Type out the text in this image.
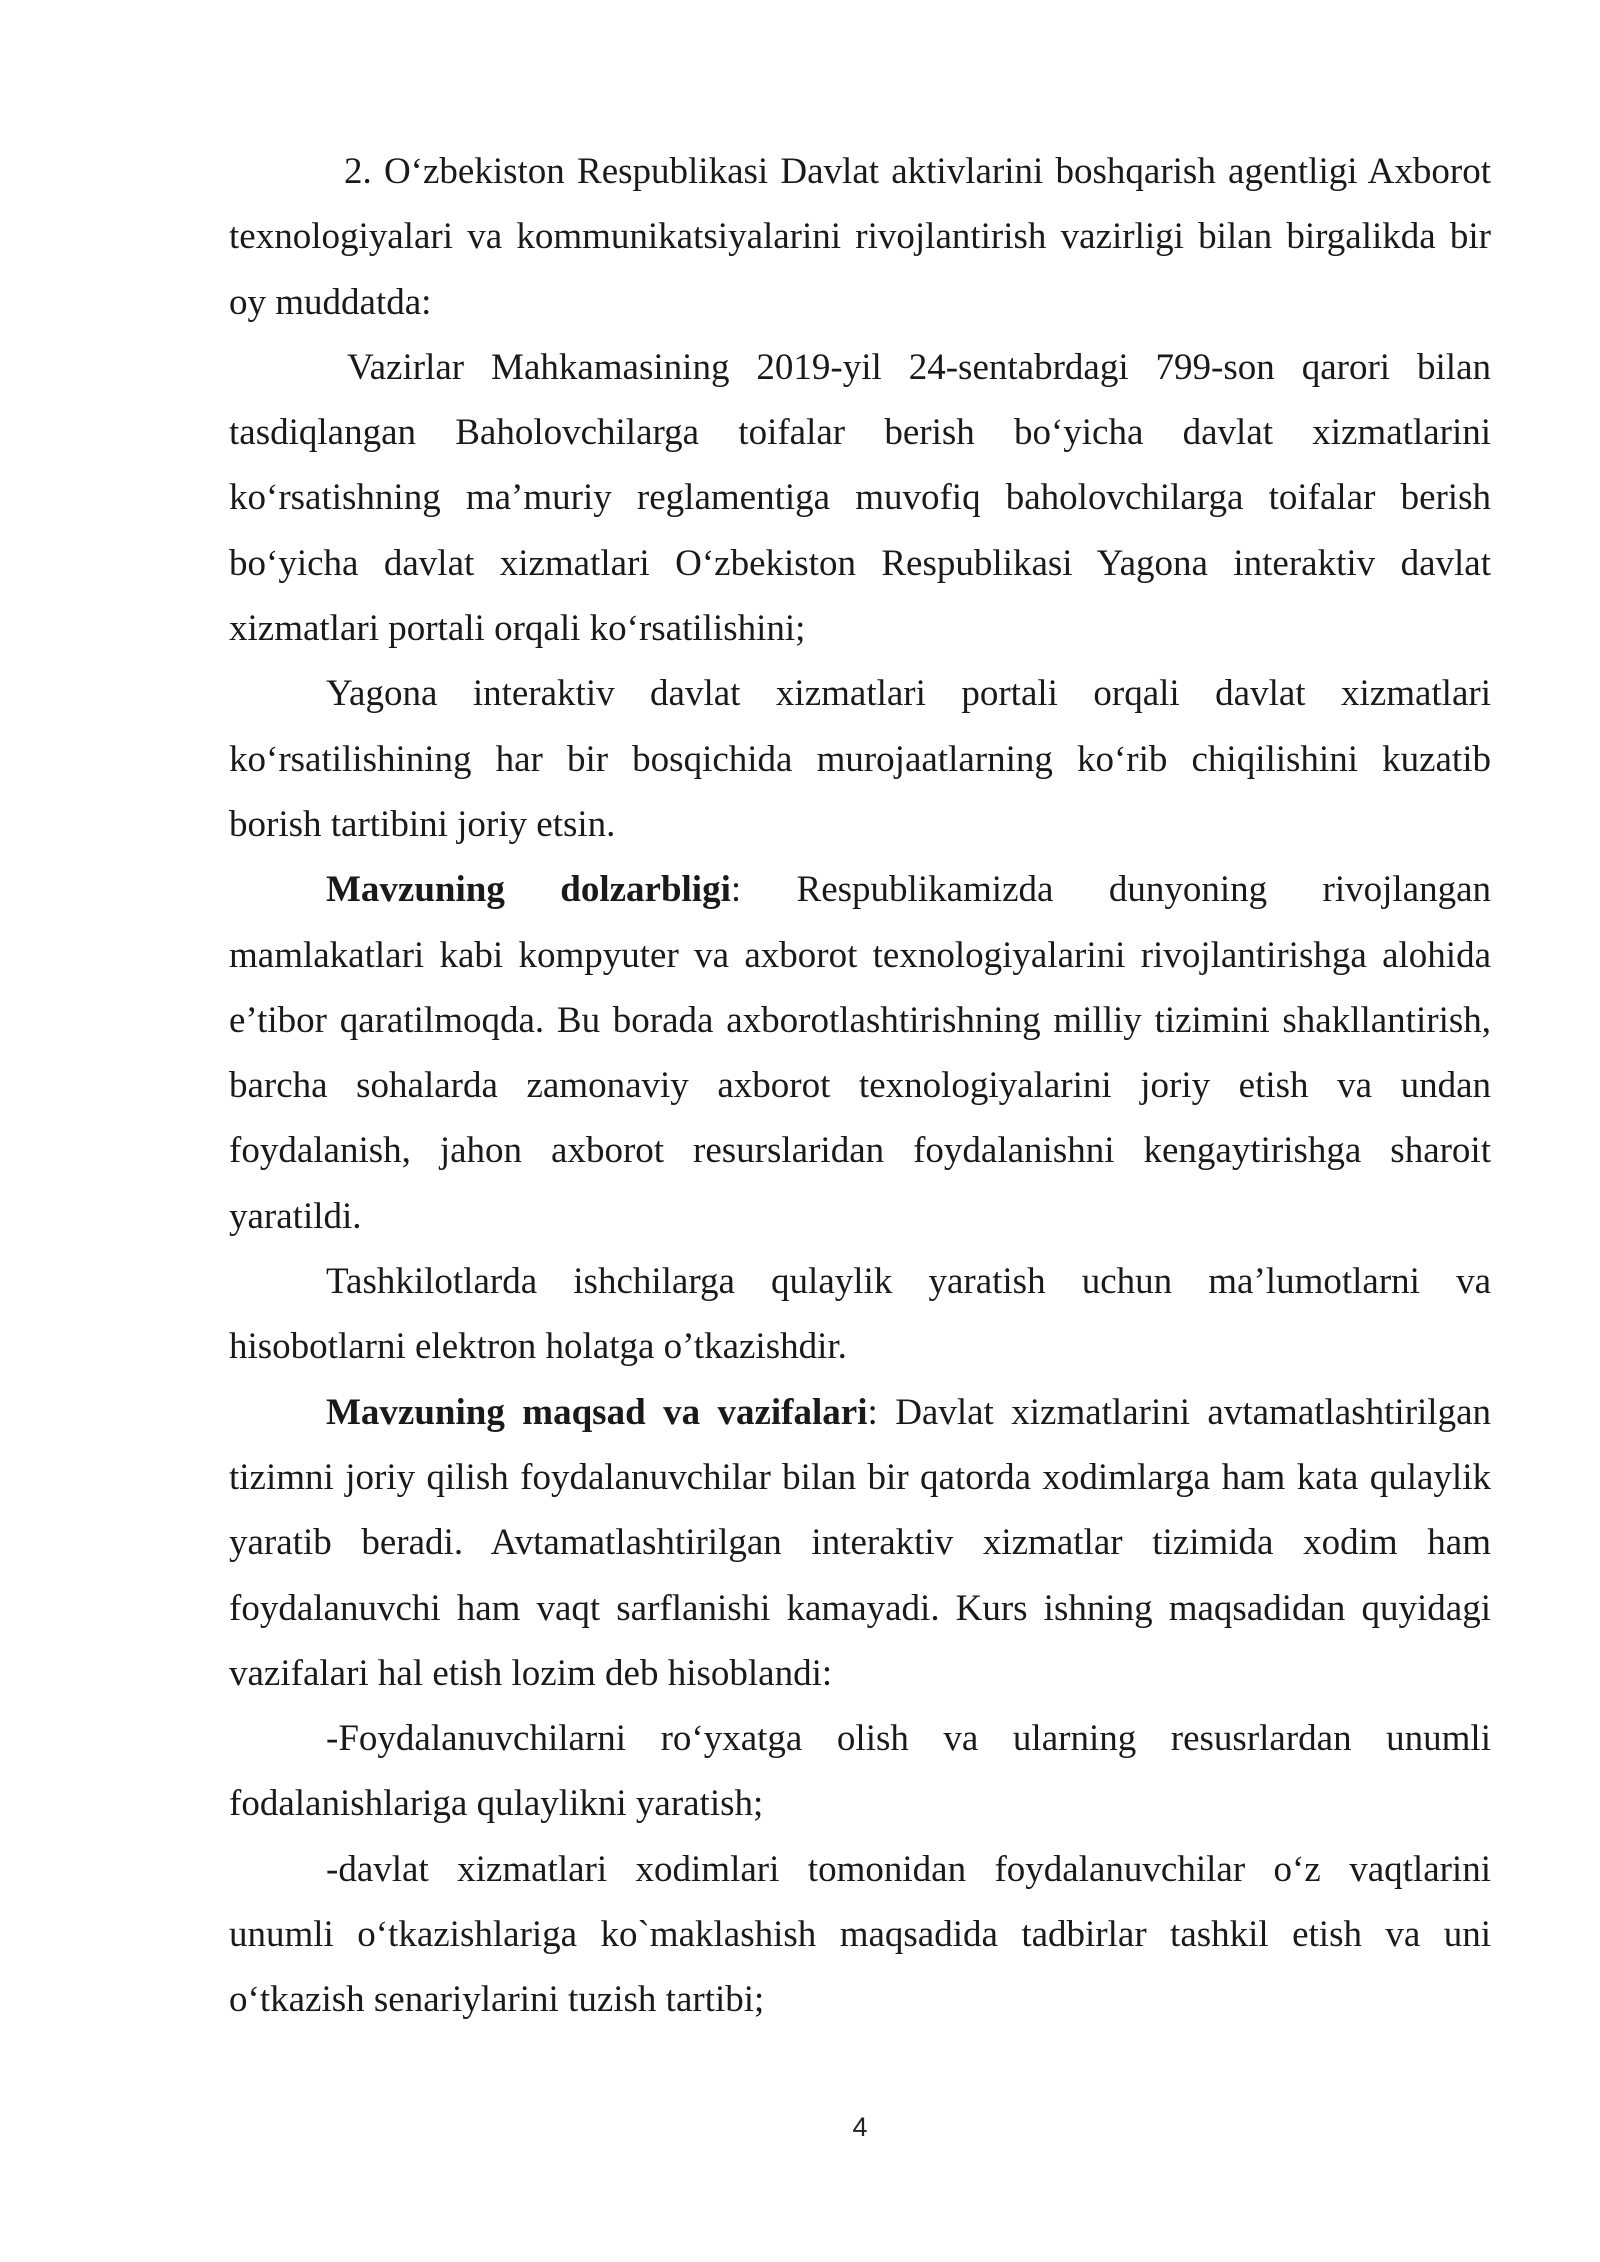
2. O‘zbekiston Respublikasi Davlat aktivlarini boshqarish agentligi Axborot
texnologiyalari va kommunikatsiyalarini rivojlantirish vazirligi bilan birgalikda bir
oy muddatda:
Vazirlar Mahkamasining 2019-yil 24-sentabrdagi 799-son qarori bilan
tasdiqlangan Baholovchilarga toifalar berish bo‘yicha davlat xizmatlarini
ko‘rsatishning ma’muriy reglamentiga muvofiq baholovchilarga toifalar berish
bo‘yicha davlat xizmatlari O‘zbekiston Respublikasi Yagona interaktiv davlat
xizmatlari portali orqali ko‘rsatilishini;
Yagona interaktiv davlat xizmatlari portali orqali davlat xizmatlari
ko‘rsatilishining har bir bosqichida murojaatlarning ko‘rib chiqilishini kuzatib
borish tartibini joriy etsin.
Mavzuning dolzarbligi: Respublikamizda dunyoning rivojlangan
mamlakatlari kabi kompyuter va axborot texnologiyalarini rivojlantirishga alohida
e’tibor qaratilmoqda. Bu borada axborotlashtirishning milliy tizimini shakllantirish,
barcha sohalarda zamonaviy axborot texnologiyalarini joriy etish va undan
foydalanish, jahon axborot resurslaridan foydalanishni kengaytirishga sharoit
yaratildi.
Tashkilotlarda ishchilarga qulaylik yaratish uchun ma’lumotlarni va
hisobotlarni elektron holatga o’tkazishdir.
Mavzuning maqsad va vazifalari: Davlat xizmatlarini avtamatlashtirilgan
tizimni joriy qilish foydalanuvchilar bilan bir qatorda xodimlarga ham kata qulaylik
yaratib beradi. Avtamatlashtirilgan interaktiv xizmatlar tizimida xodim ham
foydalanuvchi ham vaqt sarflanishi kamayadi. Kurs ishning maqsadidan quyidagi
vazifalari hal etish lozim deb hisoblandi:
-Foydalanuvchilarni ro‘yxatga olish va ularning resusrlardan unumli
fodalanishlariga qulaylikni yaratish;
-davlat xizmatlari xodimlari tomonidan foydalanuvchilar o‘z vaqtlarini
unumli o‘tkazishlariga ko`maklashish maqsadida tadbirlar tashkil etish va uni
o‘tkazish senariylarini tuzish tartibi;
4
